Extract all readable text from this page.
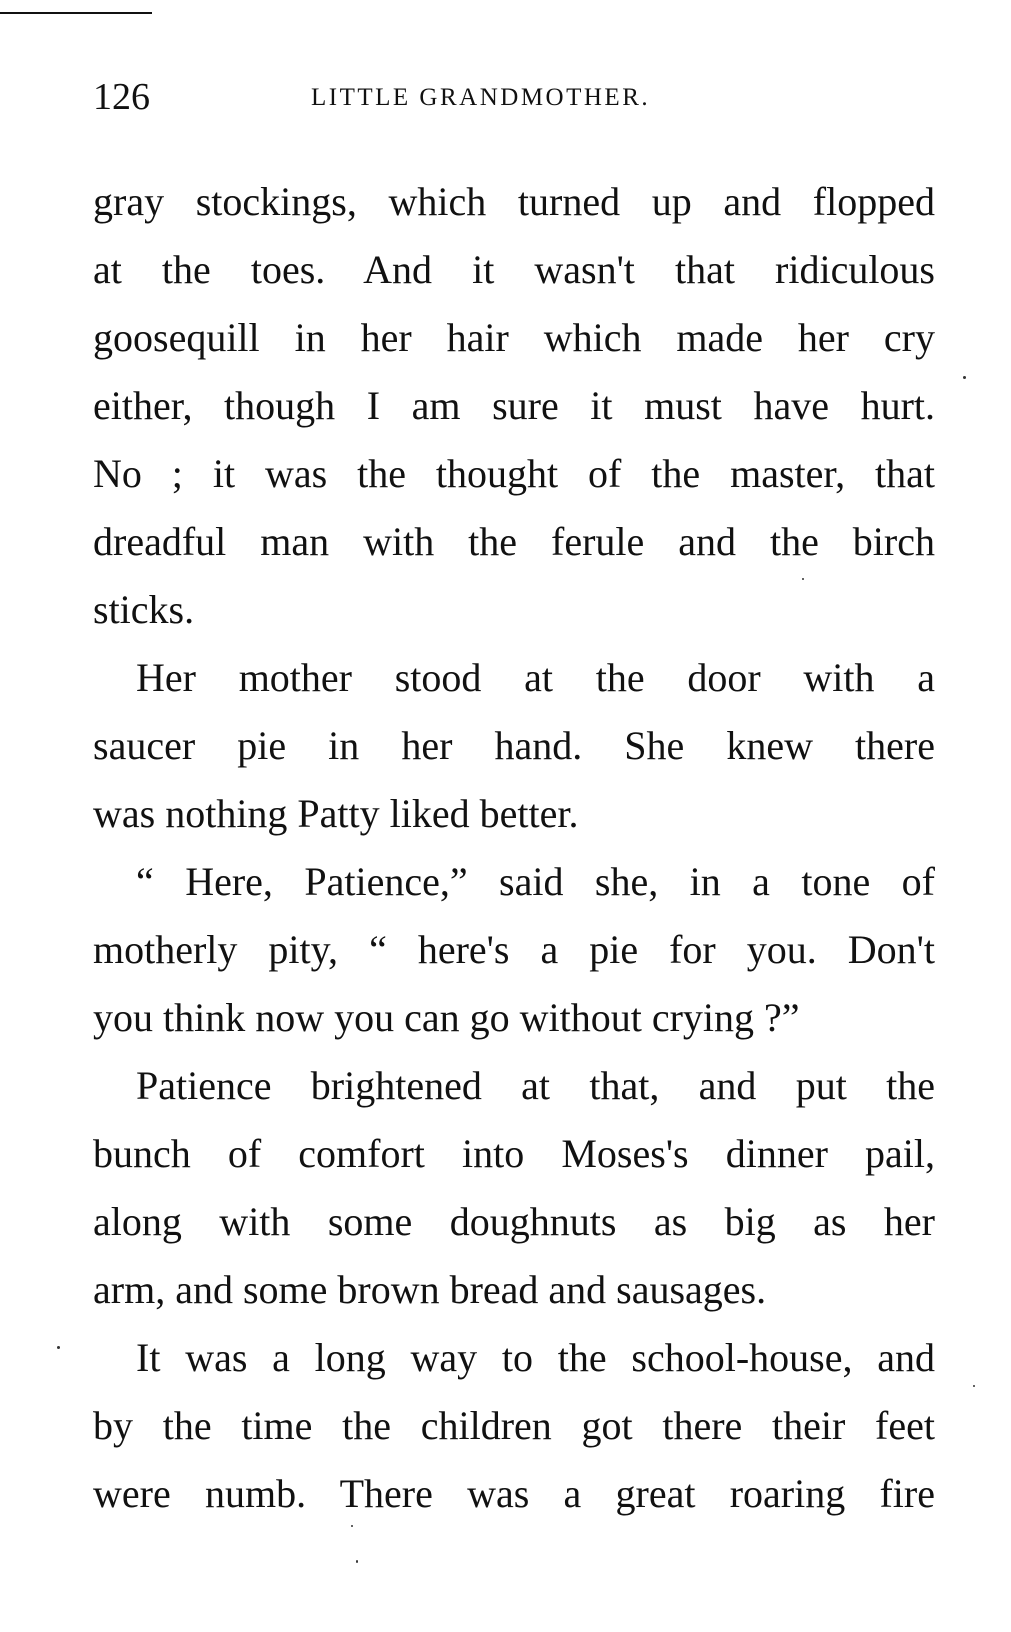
126	LITTLE GRANDMOTHER.
gray stockings, which turned up and flopped
at the toes. And it wasn't that ridiculous
goosequill in her hair which made her cry
either, though I am sure it must have hurt.
No ; it was the thought of the master, that
dreadful man with the ferule and the birch
sticks.
Her mother stood at the door with a
saucer pie in her hand. She knew there
was nothing Patty liked better.
“ Here, Patience,” said she, in a tone of
motherly pity, “ here's a pie for you. Don't
you think now you can go without crying ?”
Patience brightened at that, and put the
bunch of comfort into Moses's dinner pail,
along with some doughnuts as big as her
arm, and some brown bread and sausages.
It was a long way to the school-house, and
by the time the children got there their feet
were numb. There was a great roaring fire
